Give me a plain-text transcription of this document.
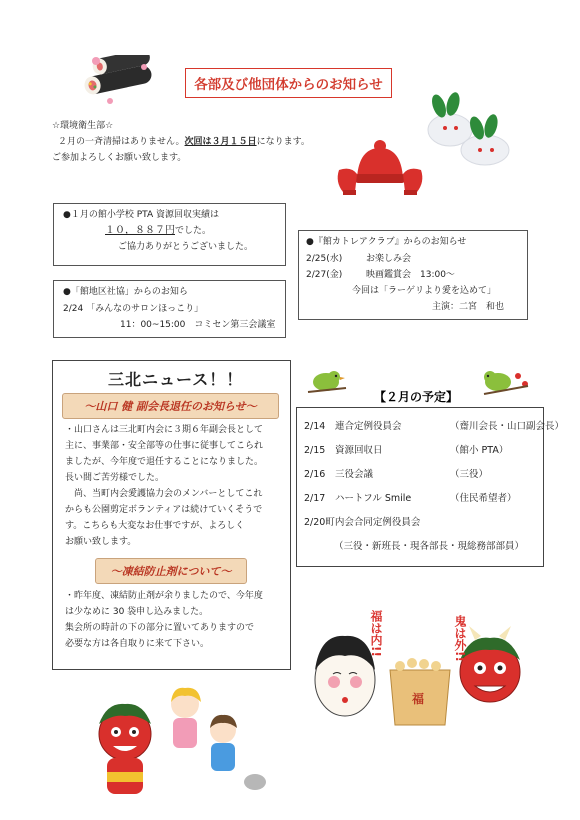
各部及び他団体からのお知らせ
☆環境衛生部☆
２月の一斉清掃はありません。次回は３月１５日になります。
ご参加よろしくお願い致します。
●１月の館小学校 PTA 資源回収実績は
１０，８８７円でした。
ご協力ありがとうございました。	●『館カトレアクラブ』からのお知らせ
2/25(水)	お楽しみ会
2/27(金)	映画鑑賞会　13:00～
今回は「ラーゲリより愛を込めて」
主演：二宮　和也
●「館地区社協」からのお知ら
2/24 「みんなのサロンほっこり」
11：00~15:00　コミセン第三会議室
三北ニュース！！
～山口 健 副会長退任のお知らせ～
・山口さんは三北町内会に３期６年副会長として
主に、事業部・安全部等の仕事に従事してこられ
ましたが、今年度で退任することになりました。
長い間ご苦労様でした。
　尚、当町内会愛護協力会のメンバーとしてこれ
からも公園剪定ボランティアは続けていくそうで
す。こちらも大変なお仕事ですが、よろしく
お願い致します。
～凍結防止剤について～
・昨年度、凍結防止剤が余りましたので、今年度
は少なめに 30 袋申し込みました。
集会所の時計の下の部分に置いてありますので
必要な方は各自取りに来て下さい。
【２月の予定】
2/14 連合定例役員会	（齋川会長・山口副会長）
2/15 資源回収日	（館小 PTA）
2/16 三役会議	（三役）
2/17 ハートフル Smile	（住民希望者）
2/20町内会合同定例役員会
（三役・新班長・現各部長・現総務部部員）
福は内!!	鬼は外!!
福
